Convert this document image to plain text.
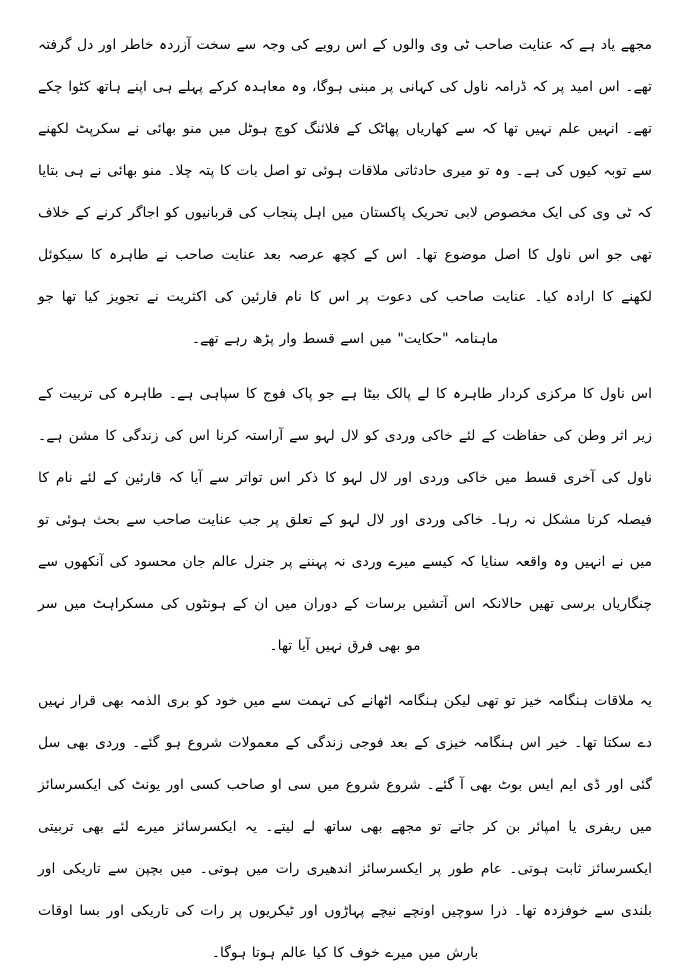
مجھے یاد ہے کہ عنایت صاحب ٹی وی والوں کے اس رویے کی وجہ سے سخت آزردہ خاطر اور دل گرفتہ تھے۔ اس امید پر کہ ڈرامہ ناول کی کہانی پر مبنی ہوگا، وہ معاہدہ کرکے پہلے ہی اپنے ہاتھ کٹوا چکے تھے۔ انہیں علم نہیں تھا کہ سے کھاریاں پھاٹک کے فلائنگ کوچ ہوٹل میں منو بھائی نے سکرپٹ لکھنے سے توبہ کیوں کی ہے۔ وہ تو میری حادثاتی ملاقات ہوئی تو اصل بات کا پتہ چلا۔ منو بھائی نے ہی بتایا کہ ٹی وی کی ایک مخصوص لابی تحریک پاکستان میں اہل پنجاب کی قربانیوں کو اجاگر کرنے کے خلاف تھی جو اس ناول کا اصل موضوع تھا۔ اس کے کچھ عرصہ بعد عنایت صاحب نے طاہرہ کا سیکوئل لکھنے کا ارادہ کیا۔ عنایت صاحب کی دعوت پر اس کا نام قارئین کی اکثریت نے تجویز کیا تھا جو ماہنامہ "حکایت" میں اسے قسط وار پڑھ رہے تھے۔

اس ناول کا مرکزی کردار طاہرہ کا لے پالک بیٹا ہے جو پاک فوج کا سپاہی ہے۔ طاہرہ کی تربیت کے زیر اثر وطن کی حفاظت کے لئے خاکی وردی کو لال لہو سے آراستہ کرنا اس کی زندگی کا مشن ہے۔ ناول کی آخری قسط میں خاکی وردی اور لال لہو کا ذکر اس تواتر سے آیا کہ قارئین کے لئے نام کا فیصلہ کرنا مشکل نہ رہا۔ خاکی وردی اور لال لہو کے تعلق پر جب عنایت صاحب سے بحث ہوئی تو میں نے انہیں وہ واقعہ سنایا کہ کیسے میرے وردی نہ پہننے پر جنرل عالم جان محسود کی آنکھوں سے چنگاریاں برسی تھیں حالانکہ اس آتشیں برسات کے دوران میں ان کے ہونٹوں کی مسکراہٹ میں سر مو بھی فرق نہیں آیا تھا۔

یہ ملاقات ہنگامہ خیز تو تھی لیکن ہنگامہ اٹھانے کی تہمت سے میں خود کو بری الذمہ بھی قرار نہیں دے سکتا تھا۔ خیر اس ہنگامہ خیزی کے بعد فوجی زندگی کے معمولات شروع ہو گئے۔ وردی بھی سل گئی اور ڈی ایم ایس بوٹ بھی آ گئے۔ شروع شروع میں سی او صاحب کسی اور یونٹ کی ایکسرسائز میں ریفری یا امپائر بن کر جاتے تو مجھے بھی ساتھ لے لیتے۔ یہ ایکسرسائز میرے لئے بھی تربیتی ایکسرسائز ثابت ہوتی۔ عام طور پر ایکسرسائز اندھیری رات میں ہوتی۔ میں بچپن سے تاریکی اور بلندی سے خوفزدہ تھا۔ ذرا سوچیں اونچے نیچے پہاڑوں اور ٹیکریوں پر رات کی تاریکی اور بسا اوقات بارش میں میرے خوف کا کیا عالم ہوتا ہوگا۔
